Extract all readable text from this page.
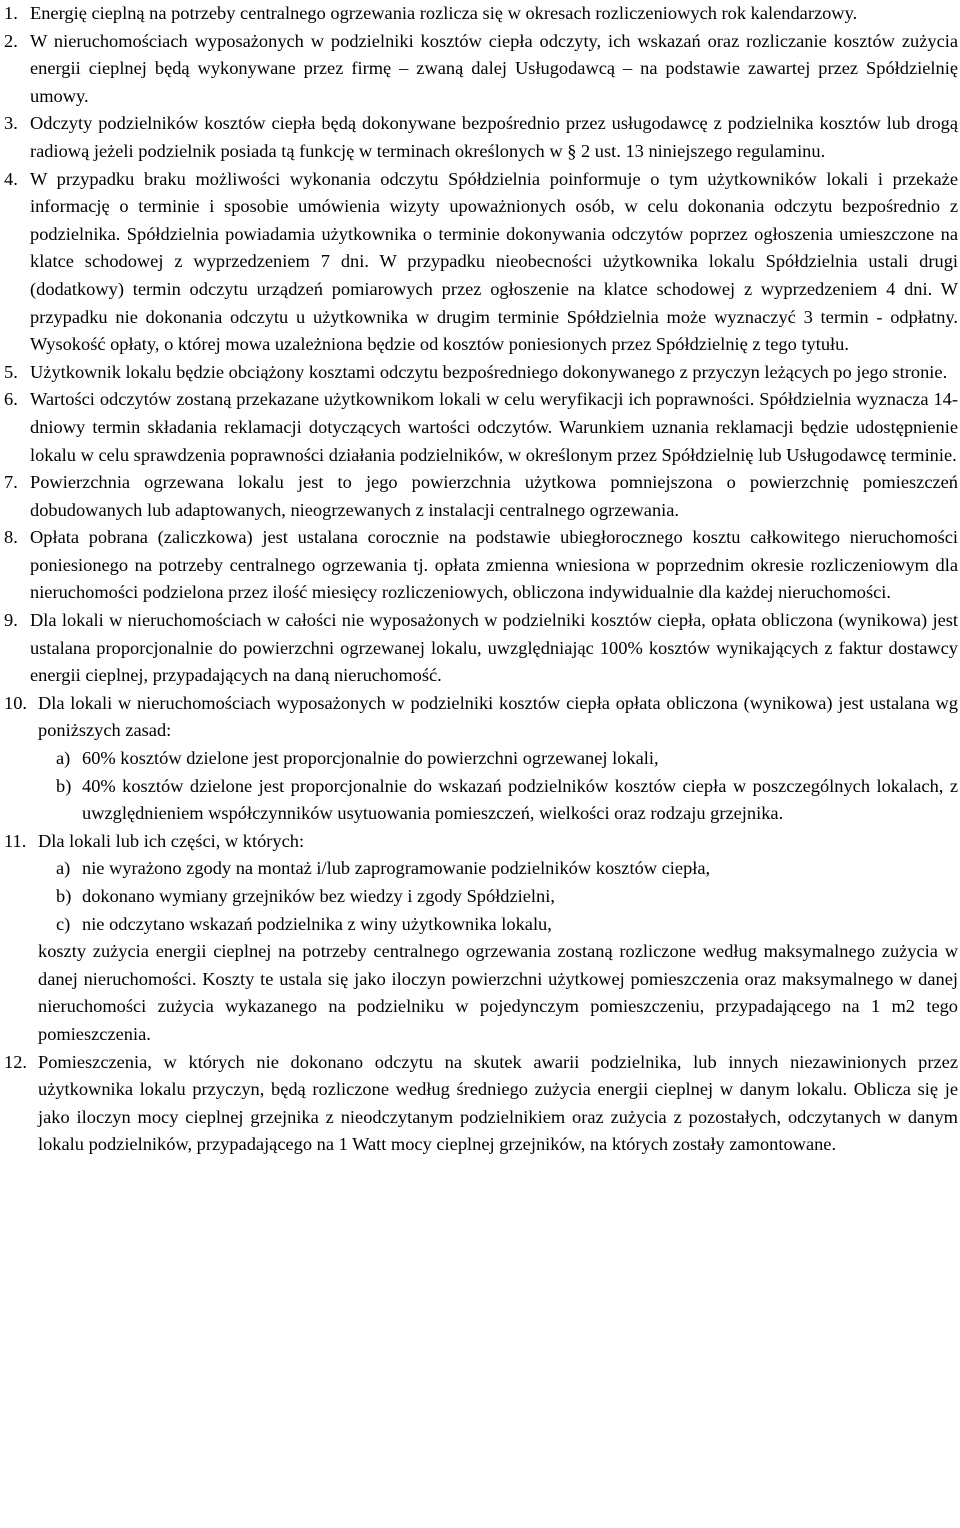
1. Energię cieplną na potrzeby centralnego ogrzewania rozlicza się w okresach rozliczeniowych rok kalendarzowy.

2. W nieruchomościach wyposażonych w podzielniki kosztów ciepła odczyty, ich wskazań oraz rozliczanie kosztów zużycia energii cieplnej będą wykonywane przez firmę – zwaną dalej Usługodawcą – na podstawie zawartej przez Spółdzielnię umowy.

3. Odczyty podzielników kosztów ciepła będą dokonywane bezpośrednio przez usługodawcę z podzielnika kosztów lub drogą radiową jeżeli podzielnik posiada tą funkcję w terminach określonych w § 2 ust. 13 niniejszego regulaminu.

4. W przypadku braku możliwości wykonania odczytu Spółdzielnia poinformuje o tym użytkowników lokali i przekaże informację o terminie i sposobie umówienia wizyty upoważnionych osób, w celu dokonania odczytu bezpośrednio z podzielnika. Spółdzielnia powiadamia użytkownika o terminie dokonywania odczytów poprzez ogłoszenia umieszczone na klatce schodowej z wyprzedzeniem 7 dni. W przypadku nieobecności użytkownika lokalu Spółdzielnia ustali drugi (dodatkowy) termin odczytu urządzeń pomiarowych przez ogłoszenie na klatce schodowej z wyprzedzeniem 4 dni. W przypadku nie dokonania odczytu u użytkownika w drugim terminie Spółdzielnia może wyznaczyć 3 termin - odpłatny. Wysokość opłaty, o której mowa uzależniona będzie od kosztów poniesionych przez Spółdzielnię z tego tytułu.

5. Użytkownik lokalu będzie obciążony kosztami odczytu bezpośredniego dokonywanego z przyczyn leżących po jego stronie.

6. Wartości odczytów zostaną przekazane użytkownikom lokali w celu weryfikacji ich poprawności. Spółdzielnia wyznacza 14-dniowy termin składania reklamacji dotyczących wartości odczytów. Warunkiem uznania reklamacji będzie udostępnienie lokalu w celu sprawdzenia poprawności działania podzielników, w określonym przez Spółdzielnię lub Usługodawcę terminie.

7. Powierzchnia ogrzewana lokalu jest to jego powierzchnia użytkowa pomniejszona o powierzchnię pomieszczeń dobudowanych lub adaptowanych, nieogrzewanych z instalacji centralnego ogrzewania.

8. Opłata pobrana (zaliczkowa) jest ustalana corocznie na podstawie ubiegłorocznego kosztu całkowitego nieruchomości poniesionego na potrzeby centralnego ogrzewania tj. opłata zmienna wniesiona w poprzednim okresie rozliczeniowym dla nieruchomości podzielona przez ilość miesięcy rozliczeniowych, obliczona indywidualnie dla każdej nieruchomości.

9. Dla lokali w nieruchomościach w całości nie wyposażonych w podzielniki kosztów ciepła, opłata obliczona (wynikowa) jest ustalana proporcjonalnie do powierzchni ogrzewanej lokalu, uwzględniając 100% kosztów wynikających z faktur dostawcy energii cieplnej, przypadających na daną nieruchomość.

10. Dla lokali w nieruchomościach wyposażonych w podzielniki kosztów ciepła opłata obliczona (wynikowa) jest ustalana wg poniższych zasad:

a) 60% kosztów dzielone jest proporcjonalnie do powierzchni ogrzewanej lokali,
b) 40% kosztów dzielone jest proporcjonalnie do wskazań podzielników kosztów ciepła w poszczególnych lokalach, z uwzględnieniem współczynników usytuowania pomieszczeń, wielkości oraz rodzaju grzejnika.
11. Dla lokali lub ich części, w których:

a) nie wyrażono zgody na montaż i/lub zaprogramowanie podzielników kosztów ciepła,
b) dokonano wymiany grzejników bez wiedzy i zgody Spółdzielni,
c) nie odczytano wskazań podzielnika z winy użytkownika lokalu,

koszty zużycia energii cieplnej na potrzeby centralnego ogrzewania zostaną rozliczone według maksymalnego zużycia w danej nieruchomości. Koszty te ustala się jako iloczyn powierzchni użytkowej pomieszczenia oraz maksymalnego w danej nieruchomości zużycia wykazanego na podzielniku w pojedynczym pomieszczeniu, przypadającego na 1 m2 tego pomieszczenia.

12. Pomieszczenia, w których nie dokonano odczytu na skutek awarii podzielnika, lub innych niezawinionych przez użytkownika lokalu przyczyn, będą rozliczone według średniego zużycia energii cieplnej w danym lokalu. Oblicza się je jako iloczyn mocy cieplnej grzejnika z nieodczytanym podzielnikiem oraz zużycia z pozostałych, odczytanych w danym lokalu podzielników, przypadającego na 1 Watt mocy cieplnej grzejników, na których zostały zamontowane.
